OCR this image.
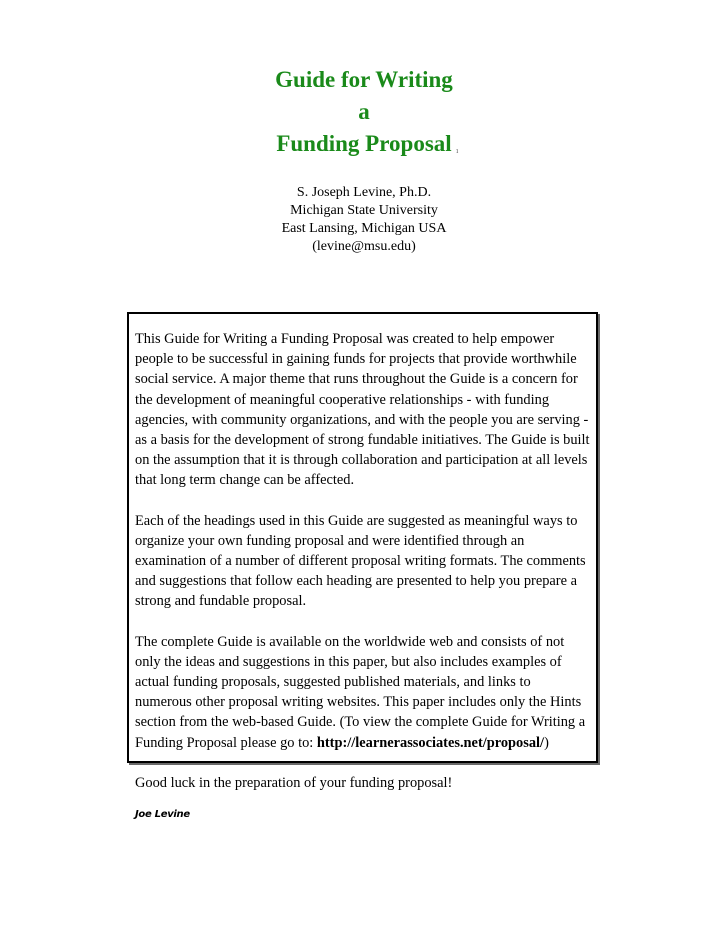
Guide for Writing
a
Funding Proposal 1
S. Joseph Levine, Ph.D.
Michigan State University
East Lansing, Michigan USA
(levine@msu.edu)

This Guide for Writing a Funding Proposal was created to help empower people to be successful in gaining funds for projects that provide worthwhile social service. A major theme that runs throughout the Guide is a concern for the development of meaningful cooperative relationships - with funding agencies, with community organizations, and with the people you are serving - as a basis for the development of strong fundable initiatives. The Guide is built on the assumption that it is through collaboration and participation at all levels that long term change can be affected.

Each of the headings used in this Guide are suggested as meaningful ways to organize your own funding proposal and were identified through an examination of a number of different proposal writing formats. The comments and suggestions that follow each heading are presented to help you prepare a strong and fundable proposal.

The complete Guide is available on the worldwide web and consists of not only the ideas and suggestions in this paper, but also includes examples of actual funding proposals, suggested published materials, and links to numerous other proposal writing websites. This paper includes only the Hints section from the web-based Guide. (To view the complete Guide for Writing a Funding Proposal please go to: http://learnerassociates.net/proposal/)

Good luck in the preparation of your funding proposal!

Joe Levine
